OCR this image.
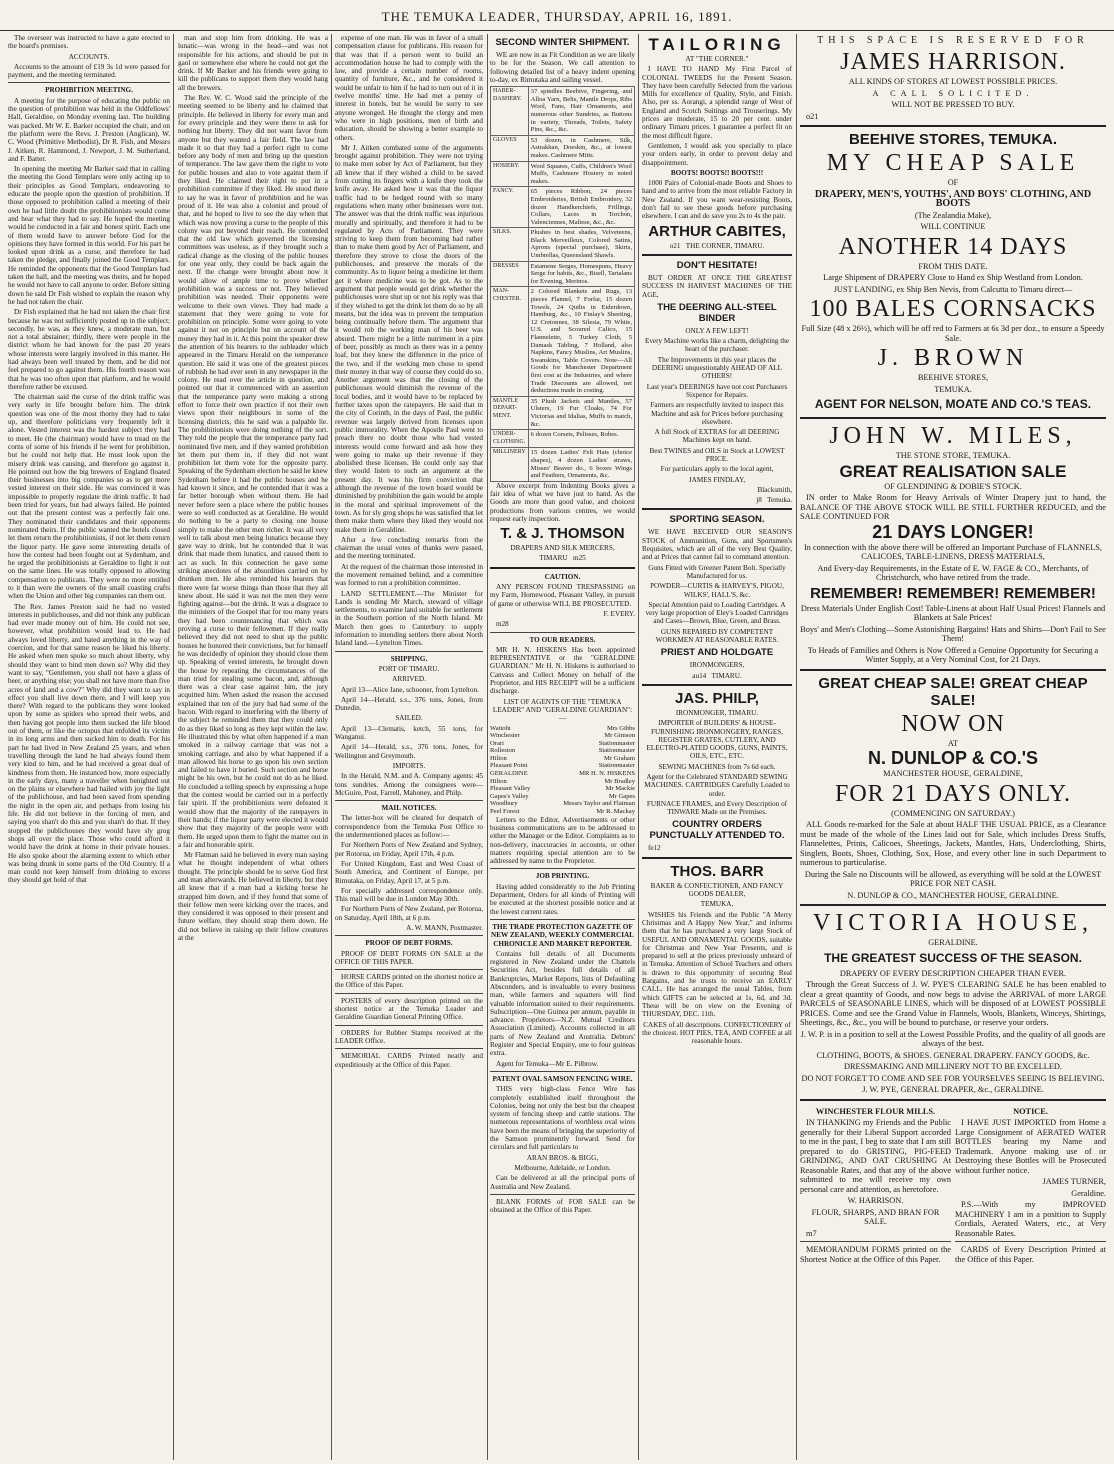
THE TEMUKA LEADER, THURSDAY, APRIL 16, 1891.

The overseer was instructed to have a gate erected to the board's premises.

ACCOUNTS.

Accounts to the amount of £19 3s 1d were passed for payment, and the meeting terminated.

PROHIBITION MEETING.

A meeting for the purpose of educating the public on the question of prohibition was held in the Oddfellows' Hall, Geraldine, on Monday evening last. The building was packed. Mr W. E. Barker occupied the chair, and on the platform were the Revs. J. Preston (Anglican), W. C. Wood (Primitive Methodist), Dr R. Fish, and Messrs J. Aitken, R. Hammond, J. Newport, J. M. Sutherland, and F. Batter.

In opening the meeting Mr Barker said that in calling the meeting the Good Templars were only acting up to their principles as Good Templars, endeavoring to educate the people upon the question of prohibition. If those opposed to prohibition called a meeting of their own he had little doubt the prohibitionists would come and hear what they had to say. He hoped the meeting would be conducted in a fair and honest spirit. Each one of them would have to answer before God for the opinions they have formed in this world. For his part he looked upon drink as a curse, and therefore he had taken the pledge, and finally joined the Good Templars. He reminded the opponents that the Good Templars had taken the hall, and the meeting was theirs, and he hoped he would not have to call anyone to order. Before sitting down he said Dr Fish wished to explain the reason why he had not taken the chair.

Dr Fish explained that he had not taken the chair first because he was not sufficiently posted up in the subject; secondly, he was, as they knew, a moderate man, but not a total abstainer; thirdly, there were people in the district whom he had known for the past 20 years whose interests were largely involved in this matter. He had always been well treated by them, and he did not feel prepared to go against them. His fourth reason was that he was too often upon that platform, and he would therefore rather be excused.

The chairman said the curse of the drink traffic was very early in life brought before him. The drink question was one of the most thorny they had to take up, and therefore politicians very frequently left it alone. Vested interest was the hardest subject they had to meet. He (the chairman) would have to tread on the corns of some of his friends if he went for prohibition, but he could not help that. He must look upon the misery drink was causing, and therefore go against it. He pointed out how the big brewers of England floated their businesses into big companies so as to get more vested interest on their side. He was convinced it was impossible to properly regulate the drink traffic. It had been tried for years, but had always failed. He pointed out that the present contest was a perfectly fair one. They nominated their candidates and their opponents nominated theirs. If the public wanted the hotels closed let them return the prohibitionists, if not let them return the liquor party. He gave some interesting details of how the contest had been fought out at Sydenham, and he urged the prohibitionists at Geraldine to fight it out on the same lines. He was totally opposed to allowing compensation to publicans. They were no more entitled to it than were the owners of the small coasting crafts when the Union and other big companies ran them out.

The Rev. James Preston said he had no vested interests in publichouses, and did not think any publican had ever made money out of him. He could not see, however, what prohibition would lead to. He had always loved liberty, and hated anything in the way of coercion, and for that same reason he liked his liberty. He asked when men spoke so much about liberty, why should they want to bind men down so? Why did they want to say, "Gentlemen, you shall not have a glass of beer, or anything else; you shall not have more than five acres of land and a cow?" Why did they want to say in effect you shall live down there, and I will keep you there? With regard to the publicans they were looked upon by some as spiders who spread their webs, and then having got people into them sucked the life blood out of them, or like the octopus that enfolded its victim in its long arms and then sucked him to death. For his part he had lived in New Zealand 25 years, and when travelling through the land he had always found them very kind to him, and he had received a great deal of kindness from them. He instanced how, more especially in the early days, many a traveller when benighted out on the plains or elsewhere had hailed with joy the light of the publichouse, and had been saved from spending the night in the open air, and perhaps from losing his life. He did not believe in the forcing of men, and saying you shan't do this and you shan't do that. If they stopped the publichouses they would have sly grog shops all over the place. Those who could afford it would have the drink at home in their private houses. He also spoke about the alarming extent to which ether was being drunk in some parts of the Old Country. If a man could not keep himself from drinking to excess they should get hold of that

man and stop him from drinking. He was a lunatic—was wrong in the head—and was not responsible for his actions, and should be put in gaol or somewhere else where he could not get the drink. If Mr Barker and his friends were going to kill the publicans to support them they would hang all the brewers.

The Rev. W. C. Wood said the principle of the meeting seemed to be liberty and he claimed that principle. He believed in liberty for every man and for every principle and they were there to ask for nothing but liberty. They did not want favor from anyone but they wanted a fair field. The law had made it so that they had a perfect right to come before any body of men and bring up the question of temperance. The law gave them the right to vote for public houses and also to vote against them if they liked. He claimed their right to put in a prohibition committee if they liked. He stood there to say he was in favor of prohibition and he was proud of it. He was also a colonist and proud of that, and he hoped to live to see the day when that which was now proving a curse to the people of this colony was put beyond their reach. He contended that the old law which governed the licensing committees was useless, as if they brought such a radical change as the closing of the public houses for one year only, they could be back again the next. If the change were brought about now it would allow of ample time to prove whether prohibition was a success or not. They believed prohibition was needed. Their opponents were welcome to their own views. They had made a statement that they were going to vote for prohibition on principle. Some were going to vote against it not on principle but on account of the money they had in it. At this point the speaker drew the attention of his hearers to the subleader which appeared in the Timaru Herald on the temperance question. He said it was one of the greatest pieces of rubbish he had ever seen in any newspaper in the colony. He read over the article in question, and pointed out that it commenced with an assertion that the temperance party were making a strong effort to force their own practice if not their own views upon their neighbours in some of the licensing districts, this he said was a palpable lie. The prohibitionists were doing nothing of the sort. They told the people that the temperance party had nominated five men, and if they wanted prohibition let them put them in, if they did not want prohibition let them vote for the opposite party. Speaking of the Sydenham election he said he knew Sydenham before it had the public houses and he had known it since, and he contended that it was a far better borough when without them. He had never before seen a place where the public houses were so well conducted as at Geraldine. He would do nothing to be a party to closing one house simply to make the other men richer. It was all very well to talk about men being lunatics because they gave way to drink, but he contended that it was drink that made them lunatics, and caused them to act as such. In this connection he gave some striking anecdotes of the absurdities carried on by drunken men. He also reminded his hearers that there were far worse things than those that they all knew about. He said it was not the men they were fighting against—but the drink. It was a disgrace to the ministers of the Gospel that for too many years they had been countenancing that which was proving a curse to their fellowmen. If they really believed they did not need to shut up the public houses he honored their convictions, but for himself he was decidedly of opinion they should close them up. Speaking of vested interests, he brought down the house by repeating the circumstances of the man tried for stealing some bacon, and, although there was a clear case against him, the jury acquitted him. When asked the reason the accused explained that ten of the jury had had some of the bacon. With regard to interfering with the liberty of the subject he reminded them that they could only do as they liked so long as they kept within the law. He illustrated this by what often happened if a man smoked in a railway carriage that was not a smoking carriage, and also by what happened if a man allowed his horse to go upon his own section and failed to have it buried. Such section and horse might be his own, but he could not do as he liked. He concluded a telling speech by expressing a hope that the contest would be carried out in a perfectly fair spirit. If the prohibitionists were defeated it would show that the majority of the ratepayers in their hands; if the liquor party were elected it would show that they majority of the people were with them. He urged upon them to fight the matter out in a fair and honorable spirit.

Mr Flatman said he believed in every man saying what he thought independent of what others thought. The principle should be to serve God first and man afterwards. He believed in liberty, but they all knew that if a man had a kicking horse he strapped him down, and if they found that some of their fellow men were kicking over the traces, and they considered it was opposed to their present and future welfare, they should strap them down. He did not believe in raising up their fellow creatures at the

expense of one man. He was in favor of a small compensation clause for publicans. His reason for that was that if a person went to build an accommodation house he had to comply with the law, and provide a certain number of rooms, quantity of furniture, &c., and he considered it would be unfair to him if he had to turn out of it in twelve months' time. He had met a penny of interest in hotels, but he would be sorry to see anyone wronged. He thought the clergy and men who were in high positions, men of birth and education, should be showing a better example to others.

Mr J. Aitken combated some of the arguments brought against prohibition. They were not trying to make men sober by Act of Parliament, but they all knew that if they wished a child to be saved from cutting its fingers with a knife they took the knife away. He asked how it was that the liquor traffic had to be hedged round with so many regulations when many other businesses were not. The answer was that the drink traffic was injurious morally and spiritually, and therefore it had to be regulated by Acts of Parliament. They were striving to keep them from becoming bad rather than to make them good by Act of Parliament, and therefore they strove to close the doors of the publichouses, and preserve the morals of the community. As to liquor being a medicine let them get it where medicine was to be got. As to the argument that people would get drink whether the publichouses were shut up or not his reply was that if they wished to get the drink let them do so by all means, but the idea was to prevent the temptation being continually before them. The argument that it would rob the working man of his beer was absurd. There might be a little nutriment in a pint of beer, possibly as much as there was in a penny loaf, but they knew the difference in the price of the two, and if the working men chose to spend their money in that way of course they could do so. Another argument was that the closing of the publichouses would diminish the revenue of the local bodies, and it would have to be replaced by further taxes upon the ratepayers. He said that in the city of Corinth, in the days of Paul, the public revenue was largely derived from licenses upon public immorality. When the Apostle Paul went to preach there no doubt those who had vested interests would come forward and ask how they were going to make up their revenue if they abolished these licenses. He could only say that they would listen to such an argument at the present day. It was his firm conviction that although the revenue of the town board would be diminished by prohibition the gain would be ample in the moral and spiritual improvement of the town. As for sly grog shops he was satisfied that let them make them where they liked they would not make them in Geraldine.

After a few concluding remarks from the chairman the usual votes of thanks were passed, and the meeting terminated.

At the request of the chairman those interested in the movement remained behind, and a committee was formed to run a prohibition committee.

LAND SETTLEMENT.—The Minister for Lands is sending Mr March, steward of village settlements, to examine land suitable for settlement in the Southern portion of the North Island. Mr March then goes to Canterbury to supply information to intending settlers there about North Island land.—Lyttelton Times.

SHIPPING.

PORT OF TIMARU.

ARRIVED.

April 13—Alice Jane, schooner, from Lyttelton.

April 14—Herald, s.s., 376 tons, Jones, from Dunedin.

SAILED.

April 13—Clematis, ketch, 55 tons, for Wanganui.

April 14—Herald, s.s., 376 tons, Jones, for Wellington and Greymouth.

IMPORTS.

In the Herald, N.M. and A. Company agents: 45 tons sundries. Among the consignees were—McGuire, Post, Farrell, Mahoney, and Philp.

MAIL NOTICES.

The letter-box will be cleared for despatch of correspondence from the Temuka Post Office to the undermentioned places as follow:—

For Northern Ports of New Zealand and Sydney, per Rotorua, on Friday, April 17th, 4 p.m.

For United Kingdom, East and West Coast of South America, and Continent of Europe, per Rimutaka, on Friday, April 17, at 5 p.m.

For specially addressed correspondence only. This mail will be due in London May 30th.

For Northern Ports of New Zealand, per Rotorua, on Saturday, April 18th, at 6 p.m.

A. W. MANN, Postmaster.

PROOF OF DEBT FORMS.

PROOF OF DEBT FORMS ON SALE at the OFFICE OF THIS PAPER.

HORSE CARDS printed on the shortest notice at the Office of this Paper.

POSTERS of every description printed on the shortest notice at the Temuka Leader and Geraldine Guardian General Printing Office.

ORDERS for Rubber Stamps received at the LEADER Office.

MEMORIAL CARDS Printed neatly and expeditiously at the Office of this Paper.

SECOND WINTER SHIPMENT.

WE are now in as Fit Condition as we are likely to be for the Season. We call attention to following detailed list of a heavy indent opening to-day, ex Rimutaka and sailing vessel.

HABER-DASHERY.	37 spindles Beehive, Fingering, and Alloa Yarn, Belts, Mantle Drops, Ribs Wool, Fans, Hair Ornaments, and numerous other Sundries, as Buttons in variety, Threads, Toilets, Safety Pins, &c., &c.
GLOVES	53 dozen, in Cashmere, Silk, Astrakhan, Doeskin, &c., at lowest makes. Cashmere Mitts.
HOSIERY.	Wool Squares, Cuffs, Children's Wool Muffs, Cashmere Hosiery in noted makes.
FANCY.	65 pieces Ribbon, 24 pieces Embroideries, British Embroidery, 32 dozen Handkerchiefs, Frillings, Collars, Laces in Torchon, Valenciennes, Maltese, &c., &c.
SILKS.	Plushes in best shades, Velveteens, Black Merveilleux, Colored Satins, Aprons (special purchase), Skirts, Umbrellas, Queensland Shawls.
DRESSES	Estamene Serges, Homespuns, Heavy Serge for habits, &c., Bisell, Tartalans for Evening, Merinos.
MAN-CHESTER.	2 Colored Blankets and Rugs, 13 pieces Flannel, 7 Forfar, 15 dozen Towels, 24 Quilts in Eiderdown, Hamburg, &c., 10 Finlay's Sheeting, 12 Cretonnes, 38 Silesia, 79 White, U.S. and Scoured Calico, 15 Flannelette, 5 Turkey Cloth, 5 Damask Tabling, 7 Holland, also Napkins, Fancy Muslins, Art Muslins, Swanskins, Table Covers. Note—All Goods for Manchester Department first cost at the Industries, and where Trade Discounts are allowed, net deductions made in costing.
MANTLE DEPART-MENT.	35 Plush Jackets and Mantles, 57 Ulsters, 19 Fur Cloaks, 74 For Victorias and Idalias, Muffs to match, &c.
UNDER-CLOTHING.	6 dozen Corsets, Pelisses, Robes.
MILLINERY	15 dozen Ladies' Felt Hats (choice shapes), 4 dozen Ladies' straws, Misses' Beaver do., 6 boxes Wings and Feathers, Ornaments, &c.

Above excerpt from Indenting Books gives a fair idea of what we have just to hand. As the Goods are more than good value, and choicest productions from various centres, we would request early inspection.

T. & J. THOMSON

DRAPERS AND SILK MERCERS,

TIMARU m25

CAUTION.

ANY PERSON FOUND TRESPASSING on my Farm, Homewood, Pleasant Valley, in pursuit of game or otherwise WILL BE PROSECUTED.

F. EVERY.

m28

TO OUR READERS.

MR H. N. HISKENS Has been appointed REPRESENTATIVE or the "GERALDINE GUARDIAN." Mr H. N. Hiskens is authorised to Canvass and Collect Money on behalf of the Proprietor, and HIS RECEIPT will be a sufficient discharge.

LIST OF AGENTS OF THE "TEMUKA LEADER" AND "GERALDINE GUARDIAN":—

Waitohi	Mrs Gibbs
Winchester	Mr Gimson
Orari	Stationmaster
Rolleston	Stationmaster
Hilton	Mr Graham
Pleasant Point	Stationmaster
GERALDINE	MR H. N. HISKENS
Hilton	Mr Bradley
Pleasant Valley	Mr Mackie
Gapes's Valley	Mr Gapes
Woodbury	Messrs Taylor and Flatman
Peel Forest	Mr R. Mackay

Letters to the Editor, Advertisements or other business communications are to be addressed to either the Manager or the Editor. Complaints as to non-delivery, inaccuracies in accounts, or other matters requiring special attention are to be addressed by name to the Proprietor.

JOB PRINTING.

Having added considerably to the Job Printing Department, Orders for all kinds of Printing will be executed at the shortest possible notice and at the lowest current rates.

THE TRADE PROTECTION GAZETTE OF NEW ZEALAND, WEEKLY COMMERCIAL CHRONICLE AND MARKET REPORTER.

Contains full details of all Documents registered in New Zealand under the Chattels Securities Act, besides full details of all Bankruptcies, Market Reports, lists of Defaulting Absconders, and is invaluable to every business man, while farmers and squatters will find valuable information suited to their requirements. Subscription—One Guinea per annum, payable in advance. Proprietors—N.Z. Mutual Creditors Association (Limited). Accounts collected in all parts of New Zealand and Australia. Debtors' Register and Special Enquiry, one to four guineas extra.

Agent for Temuka—Mr E. Pilbrow.

PATENT OVAL SAMSON FENCING WIRE.

THIS very high-class Fence Wire has completely established itself throughout the Colonies, being not only the best but the cheapest system of fencing sheep and cattle stations. The numerous representations of worthless oval wires have been the means of bringing the superiority of the Samson prominently forward. Send for circulars and full particulars to

ARAN BROS. & BIGG,

Melbourne, Adelaide, or London.

Can be delivered at all the principal ports of Australia and New Zealand.

BLANK FORMS of FOR SALE can be obtained at the Office of this Paper.

TAILORING

AT "THE CORNER."

I HAVE TO HAND My First Parcel of COLONIAL TWEEDS for the Present Season. They have been carefully Selected from the various Mills for excellence of Quality, Style, and Finish. Also, per ss. Aorangi, a splendid range of West of England and Scotch Suitings and Trouserings. My prices are moderate, 15 to 20 per cent. under ordinary Timaru prices. I guarantee a perfect fit on the most difficult figure.

Gentlemen, I would ask you specially to place your orders early, in order to prevent delay and disappointment.

BOOTS! BOOTS!! BOOTS!!!

1000 Pairs of Colonial-made Boots and Shoes to hand and to arrive from the most reliable Factory in New Zealand. If you want wear-resisting Boots, don't fail to see these goods before purchasing elsewhere. I can and do save you 2s to 4s the pair.

ARTHUR CABITES,

o21 THE CORNER, TIMARU.

DON'T HESITATE!

BUT ORDER AT ONCE THE GREATEST SUCCESS IN HARVEST MACHINES OF THE AGE,

THE DEERING ALL-STEEL BINDER

ONLY A FEW LEFT!

Every Machine works like a charm, delighting the heart of the purchaser.

The Improvements in this year places the DEERING unquestionably AHEAD OF ALL OTHERS!

Last year's DEERINGS have not cost Purchasers Sixpence for Repairs.

Farmers are respectfully invited to inspect this Machine and ask for Prices before purchasing elsewhere.

A full Stock of EXTRAS for all DEERING Machines kept on hand.

Best TWINES and OILS in Stock at LOWEST PRICE.

For particulars apply to the local agent,

JAMES FINDLAY,

Blacksmith,

j8 Temuka.

SPORTING SEASON.

WE HAVE RECEIVED OUR SEASON'S STOCK of Ammunition, Guns, and Sportsmen's Requisites, which are all of the very Best Quality, and at Prices that cannot fail to command attention.

Guns Fitted with Greener Patent Bolt. Specially Manufactured for us.

POWDER—CURTIS & HARVEY'S, PIGOU, WILKS', HALL'S, &c.

Special Attention paid to Loading Cartridges. A very large proportion of Eley's Loaded Cartridges and Cases—Brown, Blue, Green, and Brass.

GUNS REPAIRED BY COMPETENT WORKMEN AT REASONABLE RATES.

PRIEST AND HOLDGATE

IRONMONGERS,

au14 TIMARU.

JAS. PHILP,

IRONMONGER, TIMARU.

IMPORTER of BUILDERS' & HOUSE-FURNISHING IRONMONGERY, RANGES, REGISTER GRATES, CUTLERY, AND ELECTRO-PLATED GOODS, GUNS, PAINTS, OILS, ETC., ETC.

SEWING MACHINES from 7s 6d each.

Agent for the Celebrated STANDARD SEWING MACHINES. CARTRIDGES Carefully Loaded to order.

FURNACE FRAMES, and Every Description of TINWARE Made on the Premises.

COUNTRY ORDERS PUNCTUALLY ATTENDED TO.

fe12

THOS. BARR

BAKER & CONFECTIONER, AND FANCY GOODS DEALER,

TEMUKA,

WISHES his Friends and the Public "A Merry Christmas and A Happy New Year," and informs them that he has purchased a very large Stock of USEFUL AND ORNAMENTAL GOODS, suitable for Christmas and New Year Presents, and is prepared to sell at the prices previously unheard of in Temuka. Attention of School Teachers and others is drawn to this opportunity of securing Real Bargains, and he trusts to receive an EARLY CALL. He has arranged the usual Tables, from which GIFTS can be selected at 1s, 6d, and 3d. These will be on view on the Evening of THURSDAY, DEC. 11th.

CAKES of all descriptions. CONFECTIONERY of the choicest. HOT PIES, TEA, AND COFFEE at all reasonable hours.

THIS SPACE IS RESERVED FOR

JAMES HARRISON.

ALL KINDS OF STORES AT LOWEST POSSIBLE PRICES.

A CALL SOLICITED.

WILL NOT BE PRESSED TO BUY.

o21

BEEHIVE STORES, TEMUKA.

MY CHEAP SALE

OF

DRAPERY, MEN'S, YOUTHS', AND BOYS' CLOTHING, AND BOOTS

(The Zealandia Make),

WILL CONTINUE

ANOTHER 14 DAYS

FROM THIS DATE.

Large Shipment of DRAPERY Close to Hand ex Ship Westland from London.

JUST LANDING, ex Ship Ben Nevis, from Calcutta to Timaru direct—

100 BALES CORNSACKS

Full Size (48 x 26½), which will be off red to Farmers at 6s 3d per doz., to ensure a Speedy Sale.

J. BROWN

BEEHIVE STORES,

TEMUKA.

AGENT FOR NELSON, MOATE AND CO.'S TEAS.

JOHN W. MILES,

THE STONE STORE, TEMUKA.

GREAT REALISATION SALE

OF GLENDINING & DOBIE'S STOCK.

IN order to Make Room for Heavy Arrivals of Winter Drapery just to hand, the BALANCE OF THE ABOVE STOCK WILL BE STILL FURTHER REDUCED, and the SALE CONTINUED FOR

21 DAYS LONGER!

In connection with the above there will be offered an Important Purchase of FLANNELS, CALICOES, TABLE-LINENS, DRESS MATERIALS,

And Every-day Requirements, in the Estate of E. W. FAGE & CO., Merchants, of Christchurch, who have retired from the trade.

REMEMBER! REMEMBER! REMEMBER!

Dress Materials Under English Cost! Table-Linens at about Half Usual Prices! Flannels and Blankets at Sale Prices!

Boys' and Men's Clothing—Some Astonishing Bargains! Hats and Shirts—Don't Fail to See Them!

To Heads of Families and Others is Now Offered a Genuine Opportunity for Securing a Winter Supply, at a Very Nominal Cost, for 21 Days.

GREAT CHEAP SALE! GREAT CHEAP SALE!

NOW ON

AT

N. DUNLOP & CO.'S

MANCHESTER HOUSE, GERALDINE,

FOR 21 DAYS ONLY.

(COMMENCING ON SATURDAY.)

ALL Goods re-marked for the Sale at about HALF THE USUAL PRICE, as a Clearance must be made of the whole of the Lines laid out for Sale, which includes Dress Stuffs, Flannelettes, Prints, Calicoes, Sheetings, Jackets, Mantles, Hats, Underclothing, Shirts, Singlets, Boots, Shoes, Clothing, Sox, Hose, and every other line in such Department to numerous to particularise.

During the Sale no Discounts will be allowed, as everything will be sold at the LOWEST PRICE FOR NET CASH.

N. DUNLOP & CO., MANCHESTER HOUSE, GERALDINE.

VICTORIA HOUSE,

GERALDINE.

THE GREATEST SUCCESS OF THE SEASON.

DRAPERY OF EVERY DESCRIPTION CHEAPER THAN EVER.

Through the Great Success of J. W. PYE'S CLEARING SALE he has been enabled to clear a great quantity of Goods, and now begs to advise the ARRIVAL of more LARGE PARCELS of SEASONABLE LINES, which will be disposed of at LOWEST POSSIBLE PRICES. Come and see the Grand Value in Flannels, Wools, Blankets, Winceys, Shirtings, Sheetings, &c., &c., you will be bound to purchase, or reserve your orders.

J. W. P. is in a position to sell at the Lowest Possible Profits, and the quality of all goods are always of the best.

CLOTHING, BOOTS, & SHOES. GENERAL DRAPERY. FANCY GOODS, &c.

DRESSMAKING AND MILLINERY NOT TO BE EXCELLED.

DO NOT FORGET TO COME AND SEE FOR YOURSELVES SEEING IS BELIEVING.

J. W. PYE, GENERAL DRAPER, &c., GERALDINE.

WINCHESTER FLOUR MILLS.

IN THANKING my Friends and the Public generally for their Liberal Support accorded to me in the past, I beg to state that I am still prepared to do GRISTING, PIG-FEED GRINDING, AND OAT CRUSHING At Reasonable Rates, and that any of the above submitted to me will receive my own personal care and attention, as heretofore.

W. HARRISON.

FLOUR, SHARPS, AND BRAN FOR SALE.

m7

MEMORANDUM FORMS printed on the Shortest Notice at the Office of this Paper.

NOTICE.

I HAVE JUST IMPORTED from Home a Large Consignment of AERATED WATER BOTTLES bearing my Name and Trademark. Anyone making use of or Destroying these Bottles will be Prosecuted without further notice.

JAMES TURNER,

Geraldine.

P.S.—With my IMPROVED MACHINERY I am in a position to Supply Cordials, Aerated Waters, etc., at Very Reasonable Rates.

CARDS of Every Description Printed at the Office of this Paper.
